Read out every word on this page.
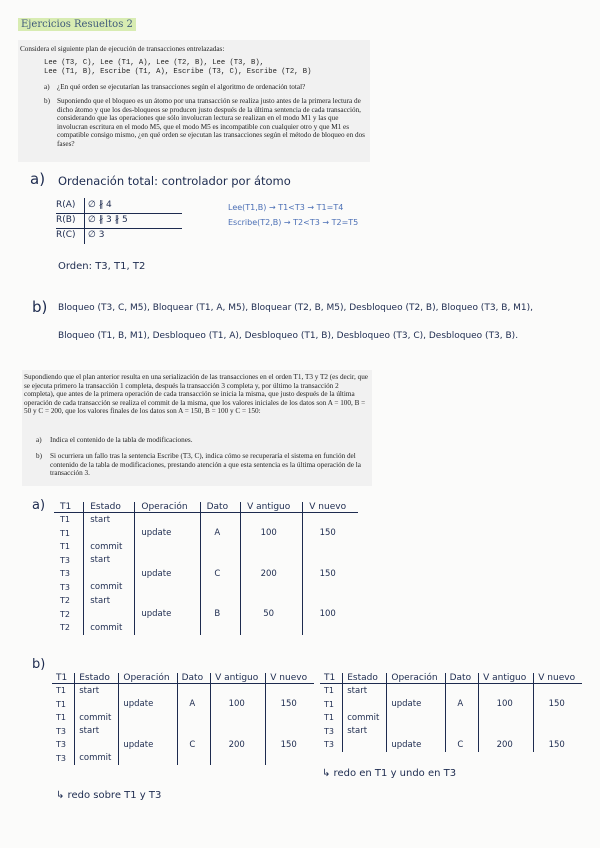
Ejercicios Resueltos 2
Considera el siguiente plan de ejecución de transacciones entrelazadas:
Lee (T3, C), Lee (T1, A), Lee (T2, B), Lee (T3, B),
Lee (T1, B), Escribe (T1, A), Escribe (T3, C), Escribe (T2, B)
a) ¿En qué orden se ejecutarían las transacciones según el algoritmo de ordenación total?
b) Suponiendo que el bloqueo es un átomo por una transacción se realiza justo antes de la primera lectura de dicho átomo y que los des-bloqueos se producen justo después de la última sentencia de cada transacción, considerando que las operaciones que sólo involucran lectura se realizan en el modo M1 y las que involucran escritura en el modo M5, que el modo M5 es incompatible con cualquier otro y que M1 es compatible consigo mismo, ¿en qué orden se ejecutan las transacciones según el método de bloqueo en dos fases?
a) Ordenación total: controlador por átomo
R(A) ∅ ∦ 4
R(B) ∅ ∦ 3 ∦ 5
R(C) ∅ 3
Lee(T1,B) → T1<T3 → T1=T4
Escribe(T2,B) → T2<T3 → T2=T5
Orden: T3, T1, T2
b) Bloqueo (T3, C, M5), Bloquear (T1, A, M5), Bloquear (T2, B, M5), Desbloqueo (T2, B), Bloqueo (T3, B, M1),
Bloqueo (T1, B, M1), Desbloqueo (T1, A), Desbloqueo (T1, B), Desbloqueo (T3, C), Desbloqueo (T3, B).
Supondiendo que el plan anterior resulta en una serialización de las transacciones en el orden T1, T3 y T2 (es decir, que se ejecuta primero la transacción 1 completa, después la transacción 3 completa y, por último la transacción 2 completa), que antes de la primera operación de cada transacción se inicia la misma, que justo después de la última operación de cada transacción se realiza el commit de la misma, que los valores iniciales de los datos son A = 100, B = 50 y C = 200, que los valores finales de los datos son A = 150, B = 100 y C = 150:
a) Indica el contenido de la tabla de modificaciones.
b) Si ocurriera un fallo tras la sentencia Escribe (T3, C), indica cómo se recuperaría el sistema en función del contenido de la tabla de modificaciones, prestando atención a que esta sentencia es la última operación de la transacción 3.
a) T1	Estado	Operación	Dato	V antiguo	V nuevo
T1	start				
T1		update	A	100	150
T1	commit				
T3	start				
T3		update	C	200	150
T3	commit				
T2	start				
T2		update	B	50	100
T2	commit				
b)
T1	Estado	Operación	Dato	V antiguo	V nuevo
T1	start				
T1		update	A	100	150
T1	commit				
T3	start				
T3		update	C	200	150
T3	commit				
↳ redo sobre T1 y T3
T1	Estado	Operación	Dato	V antiguo	V nuevo
T1	start				
T1		update	A	100	150
T1	commit				
T3	start				
T3		update	C	200	150
↳ redo en T1 y undo en T3
